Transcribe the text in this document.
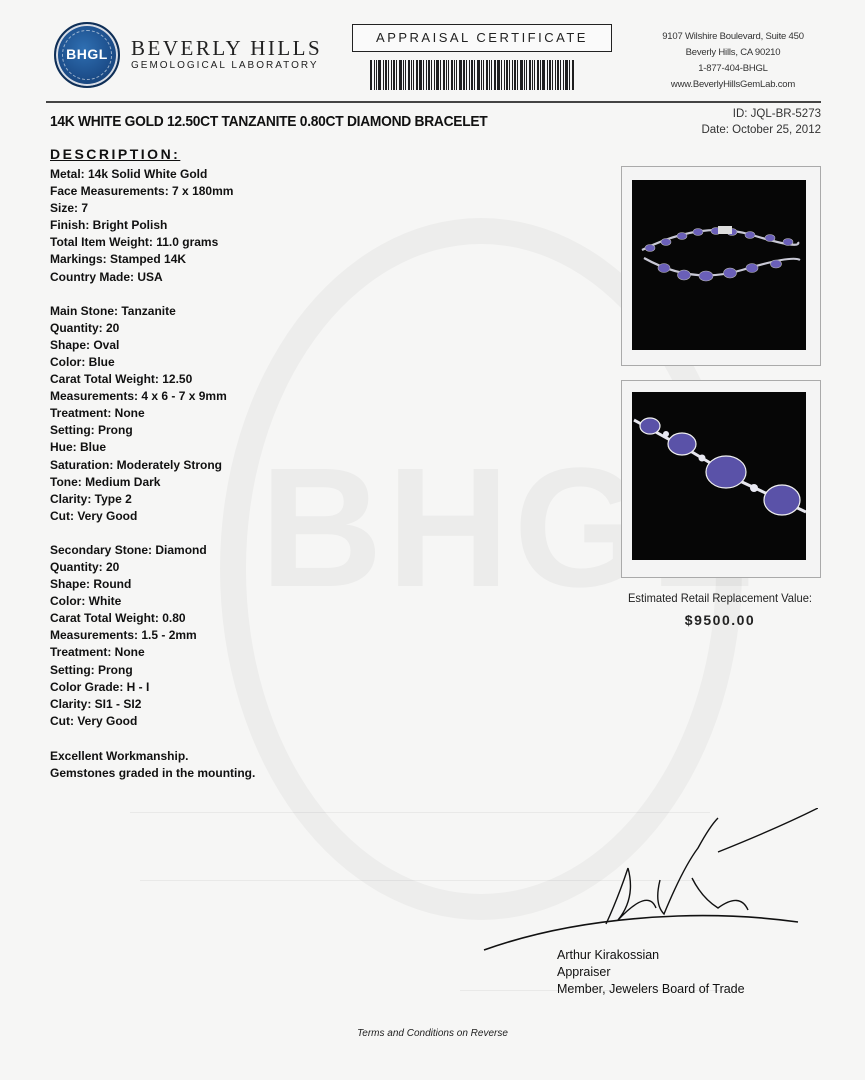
BHGL	BEVERLY HILLS
GEMOLOGICAL LABORATORY
APPRAISAL CERTIFICATE	9107 Wilshire Boulevard, Suite 450
Beverly Hills, CA 90210
1-877-404-BHGL
www.BeverlyHillsGemLab.com
14K WHITE GOLD 12.50CT TANZANITE 0.80CT DIAMOND BRACELET	ID: JQL-BR-5273
Date: October 25, 2012
DESCRIPTION:
Metal: 14k Solid White Gold
Face Measurements: 7 x 180mm
Size: 7
Finish: Bright Polish
Total Item Weight: 11.0 grams
Markings: Stamped 14K
Country Made: USA
Main Stone: Tanzanite
Quantity: 20
Shape: Oval
Color: Blue
Carat Total Weight: 12.50
Measurements: 4 x 6 - 7 x 9mm
Treatment: None
Setting: Prong
Hue: Blue
Saturation: Moderately Strong
Tone: Medium Dark
Clarity: Type 2
Cut: Very Good
Secondary Stone: Diamond
Quantity: 20
Shape: Round
Color: White
Carat Total Weight: 0.80
Measurements: 1.5 - 2mm
Treatment: None
Setting: Prong
Color Grade: H - I
Clarity: SI1 - SI2
Cut: Very Good
Excellent Workmanship.
Gemstones graded in the mounting.
Estimated Retail Replacement Value:
$9500.00
Arthur Kirakossian
Appraiser
Member, Jewelers Board of Trade
Terms and Conditions on Reverse
